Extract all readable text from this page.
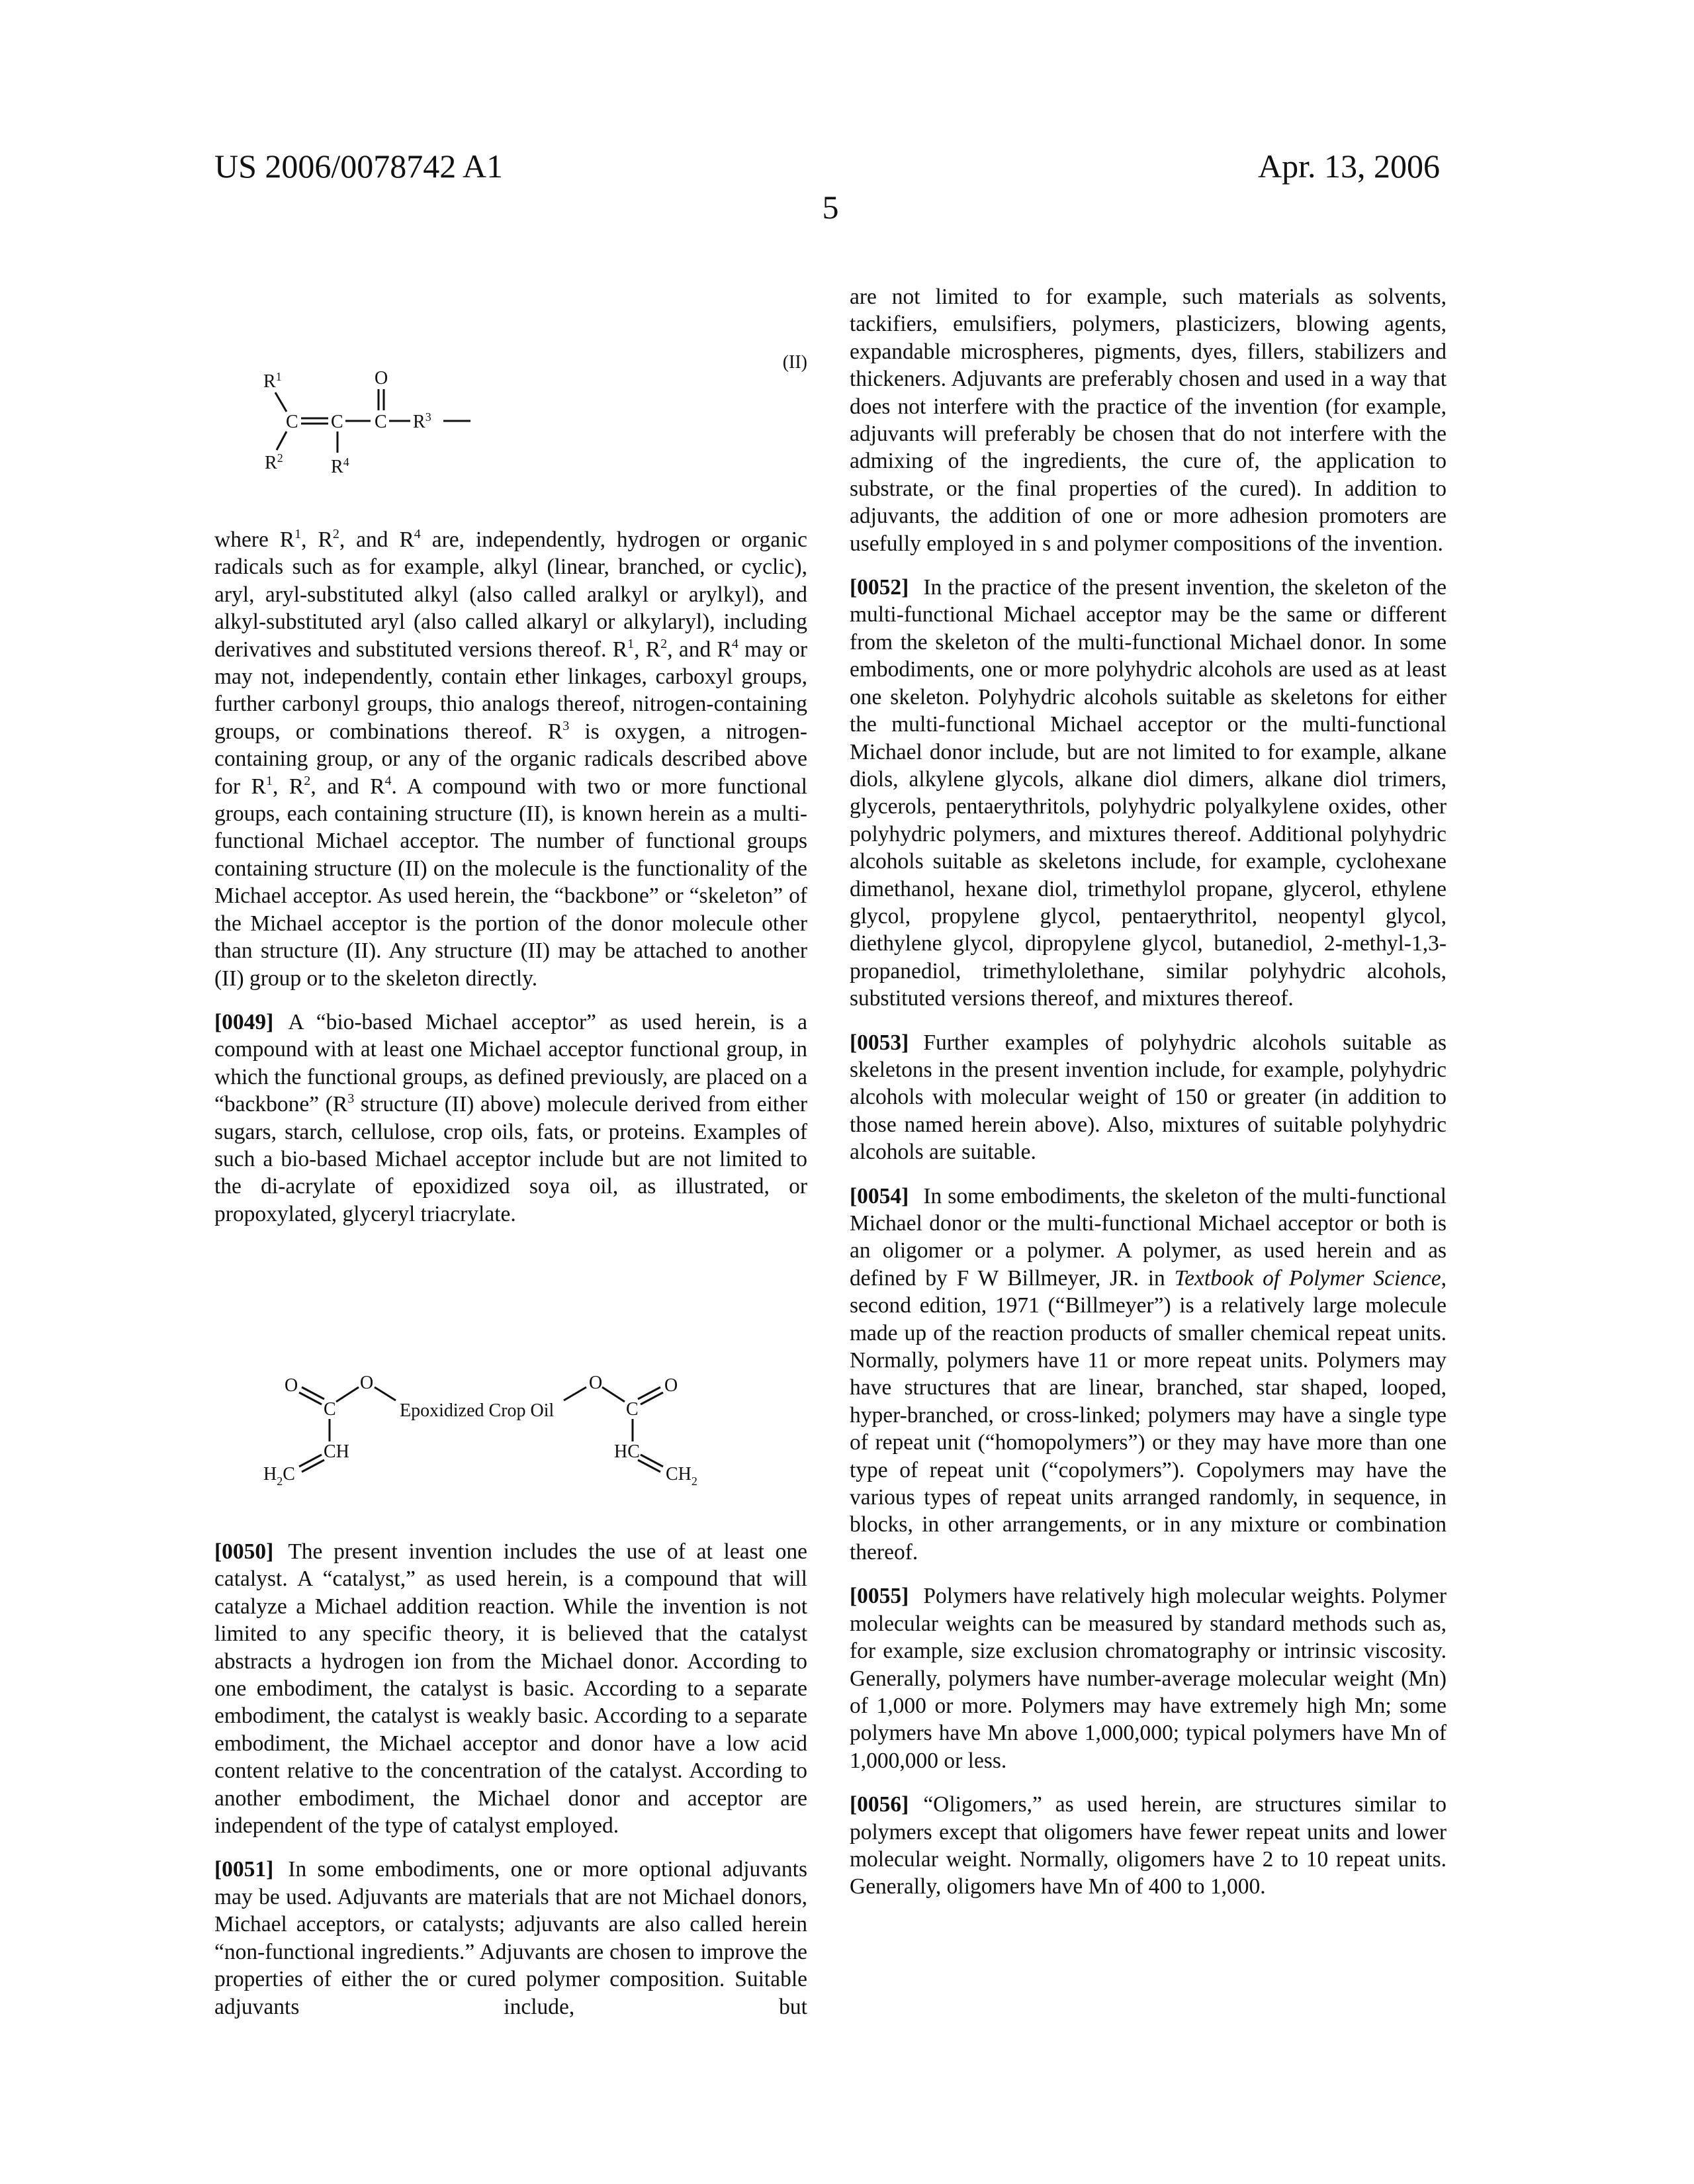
US 2006/0078742 A1	Apr. 13, 2006
5

where R1, R2, and R4 are, independently, hydrogen or organic radicals such as for example, alkyl (linear, branched, or cyclic), aryl, aryl-substituted alkyl (also called aralkyl or arylkyl), and alkyl-substituted aryl (also called alkaryl or alkylaryl), including derivatives and substituted versions thereof. R1, R2, and R4 may or may not, independently, contain ether linkages, carboxyl groups, further carbonyl groups, thio analogs thereof, nitrogen-containing groups, or combinations thereof. R3 is oxygen, a nitrogen-containing group, or any of the organic radicals described above for R1, R2, and R4. A compound with two or more functional groups, each containing structure (II), is known herein as a multi-functional Michael acceptor. The number of functional groups containing structure (II) on the molecule is the functionality of the Michael acceptor. As used herein, the “backbone” or “skeleton” of the Michael acceptor is the portion of the donor molecule other than structure (II). Any structure (II) may be attached to another (II) group or to the skeleton directly.

[0049] A “bio-based Michael acceptor” as used herein, is a compound with at least one Michael acceptor functional group, in which the functional groups, as defined previously, are placed on a “backbone” (R3 structure (II) above) molecule derived from either sugars, starch, cellulose, crop oils, fats, or proteins. Examples of such a bio-based Michael acceptor include but are not limited to the di-acrylate of epoxidized soya oil, as illustrated, or propoxylated, glyceryl triacrylate.

[0050] The present invention includes the use of at least one catalyst. A “catalyst,” as used herein, is a compound that will catalyze a Michael addition reaction. While the invention is not limited to any specific theory, it is believed that the catalyst abstracts a hydrogen ion from the Michael donor. According to one embodiment, the catalyst is basic. According to a separate embodiment, the catalyst is weakly basic. According to a separate embodiment, the Michael acceptor and donor have a low acid content relative to the concentration of the catalyst. According to another embodiment, the Michael donor and acceptor are independent of the type of catalyst employed.

[0051] In some embodiments, one or more optional adjuvants may be used. Adjuvants are materials that are not Michael donors, Michael acceptors, or catalysts; adjuvants are also called herein “non-functional ingredients.” Adjuvants are chosen to improve the properties of either the or cured polymer composition. Suitable adjuvants include, but

are not limited to for example, such materials as solvents, tackifiers, emulsifiers, polymers, plasticizers, blowing agents, expandable microspheres, pigments, dyes, fillers, stabilizers and thickeners. Adjuvants are preferably chosen and used in a way that does not interfere with the practice of the invention (for example, adjuvants will preferably be chosen that do not interfere with the admixing of the ingredients, the cure of, the application to substrate, or the final properties of the cured). In addition to adjuvants, the addition of one or more adhesion promoters are usefully employed in s and polymer compositions of the invention.

[0052] In the practice of the present invention, the skeleton of the multi-functional Michael acceptor may be the same or different from the skeleton of the multi-functional Michael donor. In some embodiments, one or more polyhydric alcohols are used as at least one skeleton. Polyhydric alcohols suitable as skeletons for either the multi-functional Michael acceptor or the multi-functional Michael donor include, but are not limited to for example, alkane diols, alkylene glycols, alkane diol dimers, alkane diol trimers, glycerols, pentaerythritols, polyhydric polyalkylene oxides, other polyhydric polymers, and mixtures thereof. Additional polyhydric alcohols suitable as skeletons include, for example, cyclohexane dimethanol, hexane diol, trimethylol propane, glycerol, ethylene glycol, propylene glycol, pentaerythritol, neopentyl glycol, diethylene glycol, dipropylene glycol, butanediol, 2-methyl-1,3-propanediol, trimethylolethane, similar polyhydric alcohols, substituted versions thereof, and mixtures thereof.

[0053] Further examples of polyhydric alcohols suitable as skeletons in the present invention include, for example, polyhydric alcohols with molecular weight of 150 or greater (in addition to those named herein above). Also, mixtures of suitable polyhydric alcohols are suitable.

[0054] In some embodiments, the skeleton of the multi-functional Michael donor or the multi-functional Michael acceptor or both is an oligomer or a polymer. A polymer, as used herein and as defined by F W Billmeyer, JR. in Textbook of Polymer Science, second edition, 1971 (“Billmeyer”) is a relatively large molecule made up of the reaction products of smaller chemical repeat units. Normally, polymers have 11 or more repeat units. Polymers may have structures that are linear, branched, star shaped, looped, hyper-branched, or cross-linked; polymers may have a single type of repeat unit (“homopolymers”) or they may have more than one type of repeat unit (“copolymers”). Copolymers may have the various types of repeat units arranged randomly, in sequence, in blocks, in other arrangements, or in any mixture or combination thereof.

[0055] Polymers have relatively high molecular weights. Polymer molecular weights can be measured by standard methods such as, for example, size exclusion chromatography or intrinsic viscosity. Generally, polymers have number-average molecular weight (Mn) of 1,000 or more. Polymers may have extremely high Mn; some polymers have Mn above 1,000,000; typical polymers have Mn of 1,000,000 or less.

[0056] “Oligomers,” as used herein, are structures similar to polymers except that oligomers have fewer repeat units and lower molecular weight. Normally, oligomers have 2 to 10 repeat units. Generally, oligomers have Mn of 400 to 1,000.

(II)
R1	O
C C C R3
R2	R4
O	O
C	Epoxidized Crop Oil
O	O
C
CH
H2C
HC
CH2
